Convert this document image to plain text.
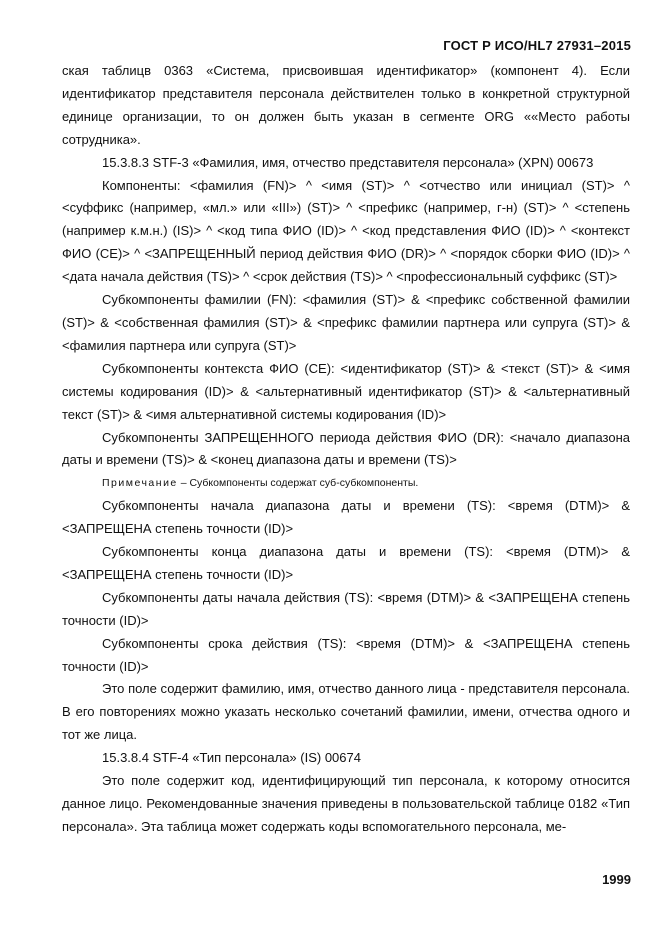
ГОСТ Р ИСО/HL7 27931–2015

ская таблицв 0363 «Система, присвоившая идентификатор» (компонент 4). Если идентификатор представителя персонала действителен только в конкретной структурной единице организации, то он должен быть указан в сегменте ORG ««Место работы сотрудника».

15.3.8.3 STF-3 «Фамилия, имя, отчество представителя персонала» (XPN) 00673

Компоненты: <фамилия (FN)> ^ <имя (ST)> ^ <отчество или инициал (ST)> ^ <суффикс (например, «мл.» или «III») (ST)> ^ <префикс (например, г-н) (ST)> ^ <степень (например к.м.н.) (IS)> ^ <код типа ФИО (ID)> ^ <код представления ФИО (ID)> ^ <контекст ФИО (CE)> ^ <ЗАПРЕЩЕННЫЙ период действия ФИО (DR)> ^ <порядок сборки ФИО (ID)> ^ <дата начала действия (TS)> ^ <срок действия (TS)> ^ <профессиональный суффикс (ST)>

Субкомпоненты фамилии (FN): <фамилия (ST)> & <префикс собственной фамилии (ST)> & <собственная фамилия (ST)> & <префикс фамилии партнера или супруга (ST)> & <фамилия партнера или супруга (ST)>

Субкомпоненты контекста ФИО (CE): <идентификатор (ST)> & <текст (ST)> & <имя системы кодирования (ID)> & <альтернативный идентификатор (ST)> & <альтернативный текст (ST)> & <имя альтернативной системы кодирования (ID)>

Субкомпоненты ЗАПРЕЩЕННОГО периода действия ФИО (DR): <начало диапазона даты и времени (TS)> & <конец диапазона даты и времени (TS)>

Примечание – Субкомпоненты содержат суб-субкомпоненты.

Субкомпоненты начала диапазона даты и времени (TS): <время (DTM)> & <ЗАПРЕЩЕНА степень точности (ID)>

Субкомпоненты конца диапазона даты и времени (TS): <время (DTM)> & <ЗАПРЕЩЕНА степень точности (ID)>

Субкомпоненты даты начала действия (TS): <время (DTM)> & <ЗАПРЕЩЕНА степень точности (ID)>

Субкомпоненты срока действия (TS): <время (DTM)> & <ЗАПРЕЩЕНА степень точности (ID)>

Это поле содержит фамилию, имя, отчество данного лица - представителя персонала. В его повторениях можно указать несколько сочетаний фамилии, имени, отчества одного и тот же лица.

15.3.8.4 STF-4 «Тип персонала» (IS) 00674

Это поле содержит код, идентифицирующий тип персонала, к которому относится данное лицо. Рекомендованные значения приведены в пользовательской таблице 0182 «Тип персонала». Эта таблица может содержать коды вспомогательного персонала, ме-

1999
